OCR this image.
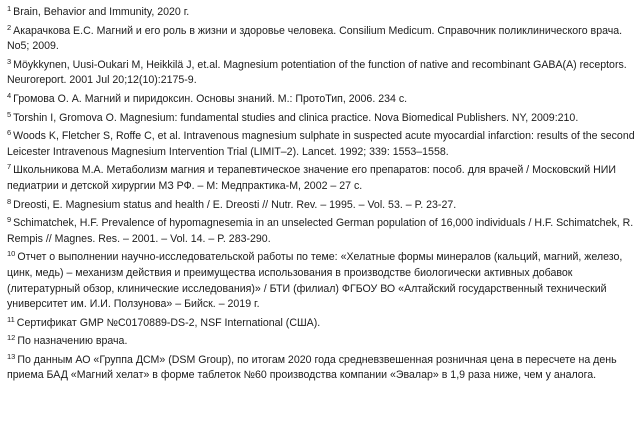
$^1$ Brain, Behavior and Immunity, 2020 г.

$^2$ Акарачкова Е.С. Магний и его роль в жизни и здоровье человека. Consilium Medicum. Справочник поликлинического врача. No5; 2009.

$^3$ Möykkynen, Uusi-Oukari M, Heikkilä J, et.al. Magnesium potentiation of the function of native and recombinant GABA(A) receptors. Neuroreport. 2001 Jul 20;12(10):2175-9.

$^4$ Громова О. А. Магний и пиридоксин. Основы знаний. М.: ПротоТип, 2006. 234 с.

$^5$ Torshin I, Gromova O. Magnesium: fundamental studies and clinica practice. Nova Biomedical Publishers. NY, 2009:210.

$^6$ Woods K, Fletcher S, Roffe C, et al. Intravenous magnesium sulphate in suspected acute myocardial infarction: results of the second Leicester Intravenous Magnesium Intervention Trial (LIMIT–2). Lancet. 1992; 339: 1553–1558.

$^7$ Школьникова М.А. Метаболизм магния и терапевтическое значение его препаратов: пособ. для врачей / Московский НИИ педиатрии и детской хирургии МЗ РФ. – М: Медпрактика-М, 2002 – 27 с.

$^8$ Dreosti, E. Magnesium status and health / E. Dreosti // Nutr. Rev. – 1995. – Vol. 53. – P. 23-27.

$^9$ Schimatchek, H.F. Prevalence of hypomagnesemia in an unselected German population of 16,000 individuals / H.F. Schimatchek, R. Rempis // Magnes. Res. – 2001. – Vol. 14. – P. 283-290.

$^{10}$ Отчет о выполнении научно-исследовательской работы по теме: «Хелатные формы минералов (кальций, магний, железо, цинк, медь) – механизм действия и преимущества использования в производстве биологически активных добавок (литературный обзор, клинические исследования)» / БТИ (филиал) ФГБОУ ВО «Алтайский государственный технический университет им. И.И. Ползунова» – Бийск. – 2019 г.

$^{11}$ Сертификат GMP №C0170889-DS-2, NSF International (США).

$^{12}$ По назначению врача.

$^{13}$ По данным АО «Группа ДСМ» (DSM Group), по итогам 2020 года средневзвешенная розничная цена в пересчете на день приема БАД «Магний хелат» в форме таблеток №60 производства компании «Эвалар» в 1,9 раза ниже, чем у аналога.
